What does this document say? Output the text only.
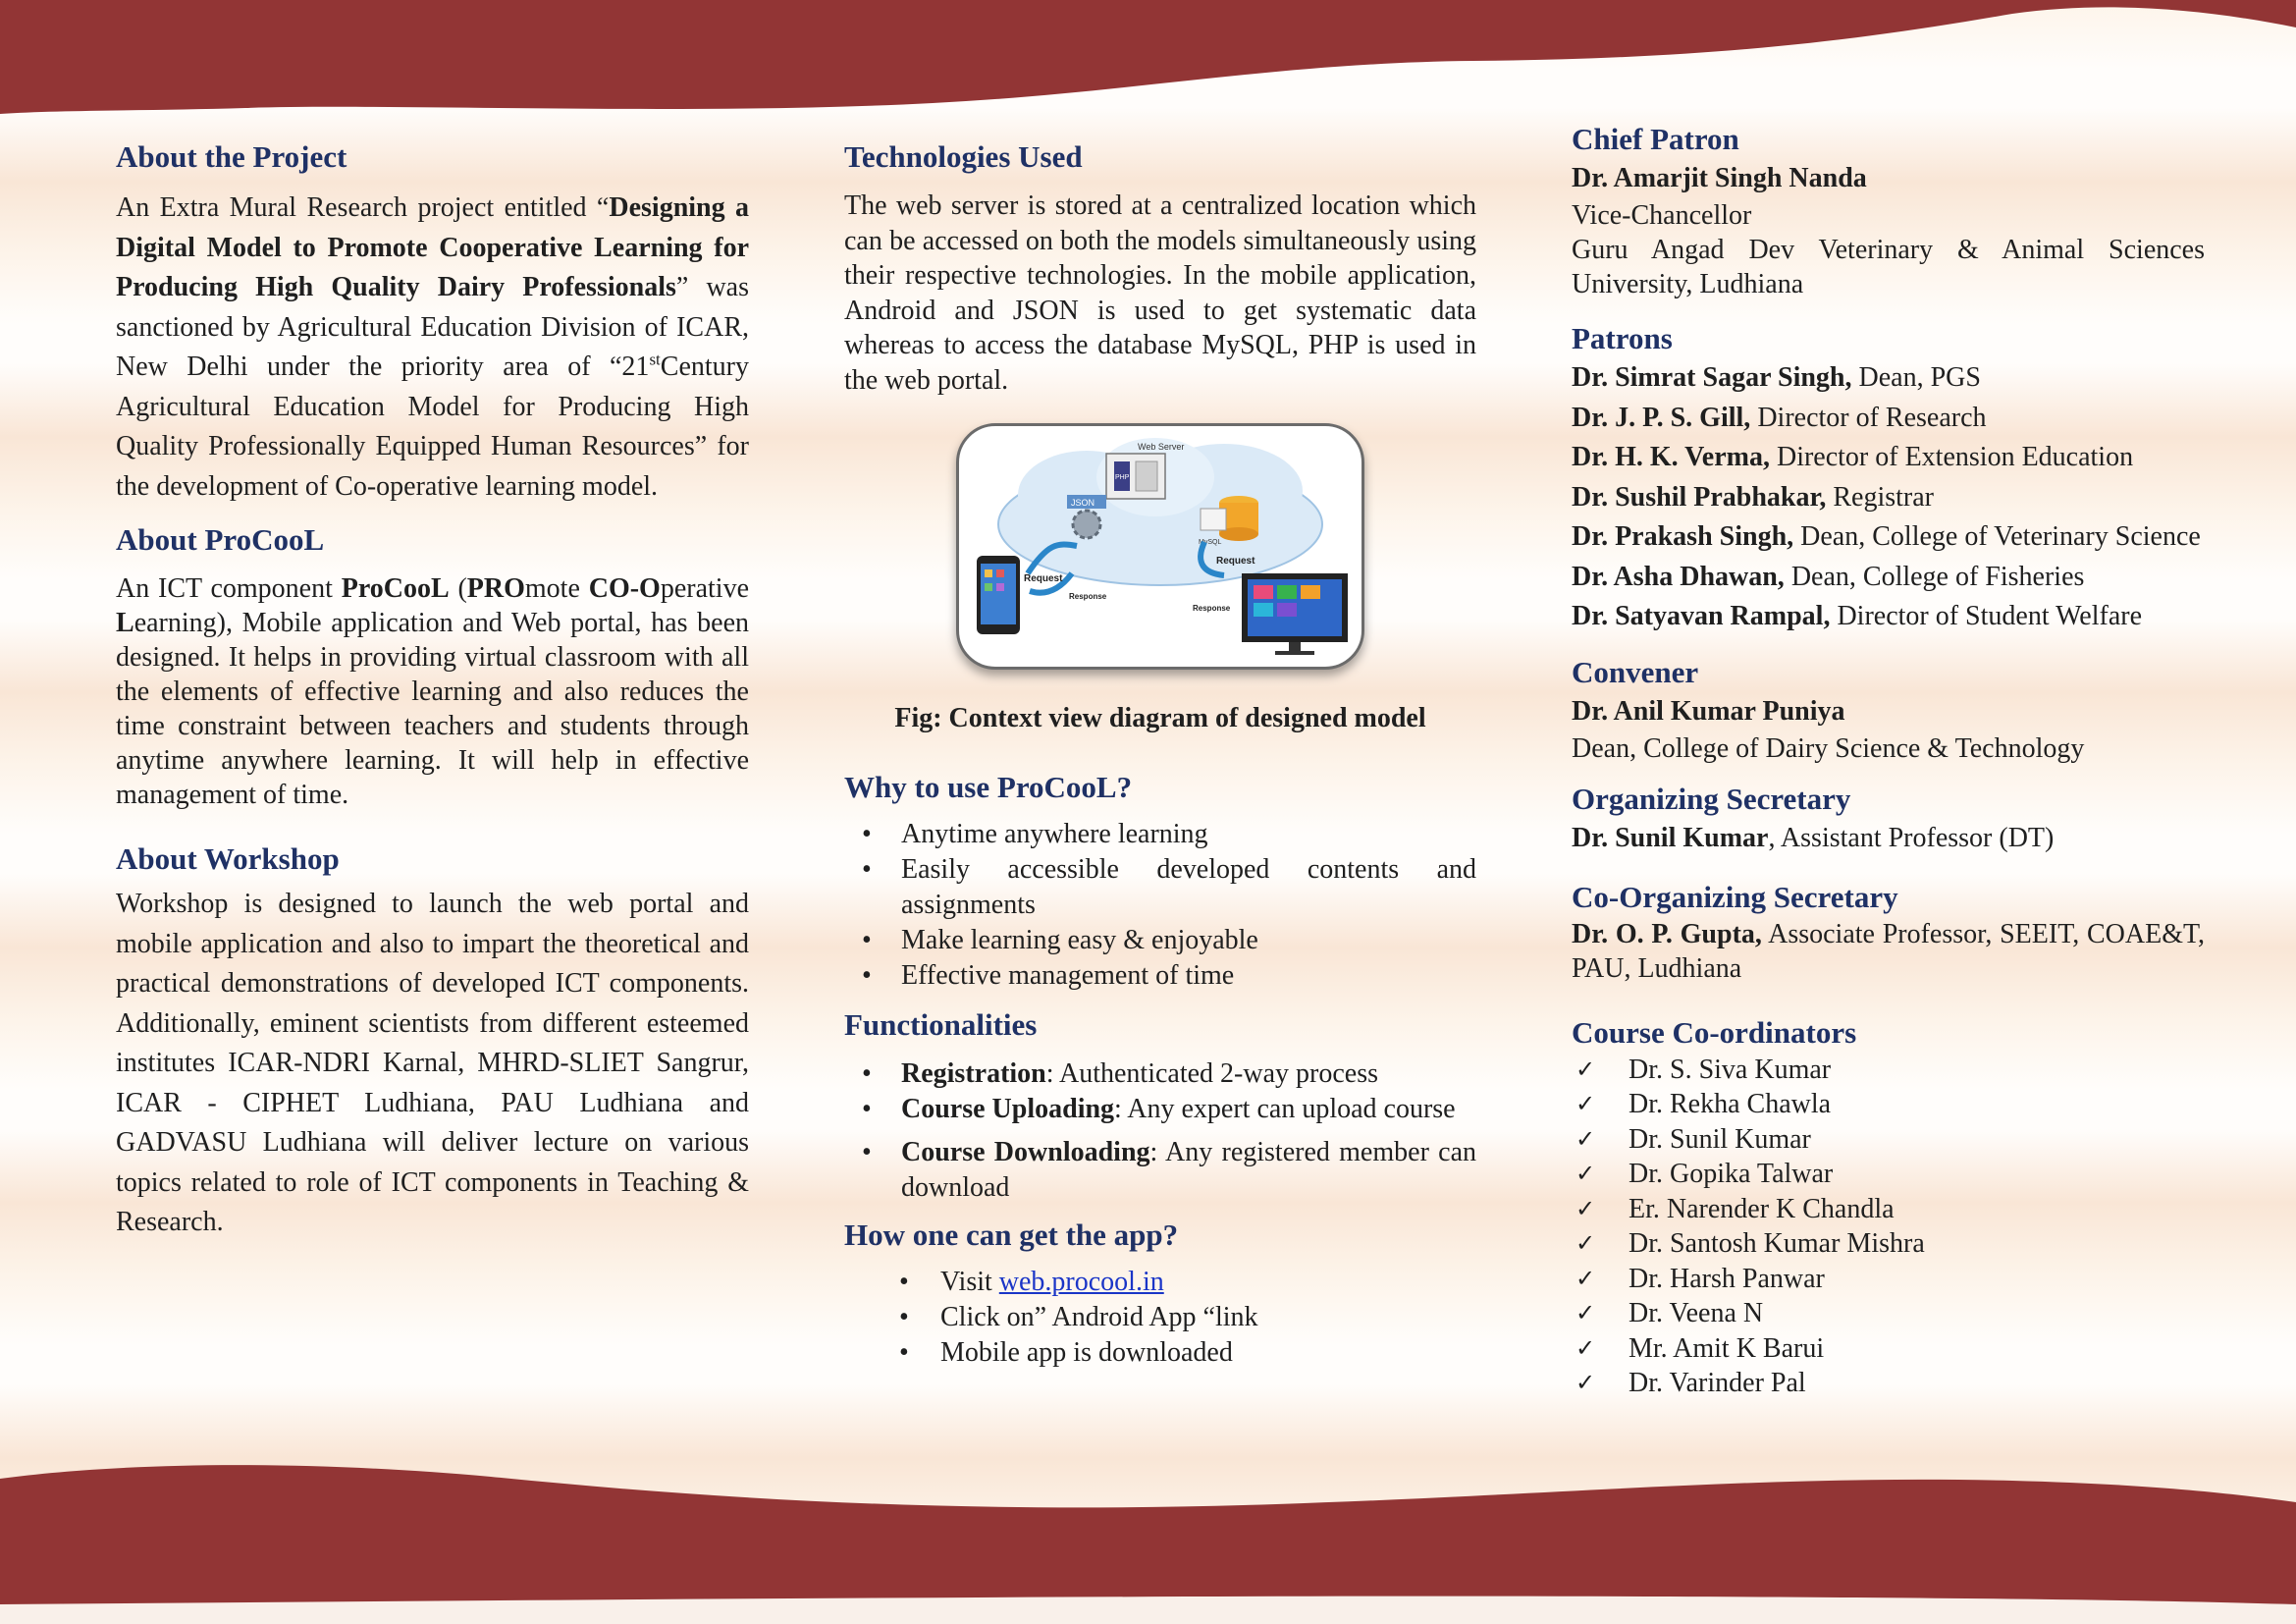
About the Project

An Extra Mural Research project entitled “Designing a Digital Model to Promote Cooperative Learning for Producing High Quality Dairy Professionals” was sanctioned by Agricultural Education Division of ICAR, New Delhi under the priority area of “21stCentury Agricultural Education Model for Producing High Quality Professionally Equipped Human Resources” for the development of Co-operative learning model.

About ProCooL

An ICT component ProCooL (PROmote CO-Operative Learning), Mobile application and Web portal, has been designed. It helps in providing virtual classroom with all the elements of effective learning and also reduces the time constraint between teachers and students through anytime anywhere learning. It will help in effective management of time.

About Workshop

Workshop is designed to launch the web portal and mobile application and also to impart the theoretical and practical demonstrations of developed ICT components. Additionally, eminent scientists from different esteemed institutes ICAR-NDRI Karnal, MHRD-SLIET Sangrur, ICAR - CIPHET Ludhiana, PAU Ludhiana and GADVASU Ludhiana will deliver lecture on various topics related to role of ICT components in Teaching & Research.

Technologies Used

The web server is stored at a centralized location which can be accessed on both the models simultaneously using their respective technologies. In the mobile application, Android and JSON is used to get systematic data whereas to access the database MySQL, PHP is used in the web portal.

Web Server
PHP
JSON
MySQL
Request
Response
Request
Response
Fig: Context view diagram of designed model
Why to use ProCooL?
• Anytime anywhere learning
• Easily accessible developed contents and assignments
• Make learning easy & enjoyable
• Effective management of time
Functionalities
• Registration: Authenticated 2-way process
• Course Uploading: Any expert can upload course
• Course Downloading: Any registered member can download
How one can get the app?
• Visit web.procool.in
• Click on” Android App “link
• Mobile app is downloaded
Chief Patron
Dr. Amarjit Singh Nanda
Vice-Chancellor
Guru Angad Dev Veterinary & Animal Sciences
University, Ludhiana
Patrons
Dr. Simrat Sagar Singh, Dean, PGS
Dr. J. P. S. Gill, Director of Research
Dr. H. K. Verma, Director of Extension Education
Dr. Sushil Prabhakar, Registrar
Dr. Prakash Singh, Dean, College of Veterinary Science
Dr. Asha Dhawan, Dean, College of Fisheries
Dr. Satyavan Rampal, Director of Student Welfare
Convener
Dr. Anil Kumar Puniya
Dean, College of Dairy Science & Technology
Organizing Secretary
Dr. Sunil Kumar, Assistant Professor (DT)
Co-Organizing Secretary
Dr. O. P. Gupta, Associate Professor, SEEIT, COAE&T, PAU, Ludhiana
Course Co-ordinators
✓ Dr. S. Siva Kumar
✓ Dr. Rekha Chawla
✓ Dr. Sunil Kumar
✓ Dr. Gopika Talwar
✓ Er. Narender K Chandla
✓ Dr. Santosh Kumar Mishra
✓ Dr. Harsh Panwar
✓ Dr. Veena N
✓ Mr. Amit K Barui
✓ Dr. Varinder Pal
